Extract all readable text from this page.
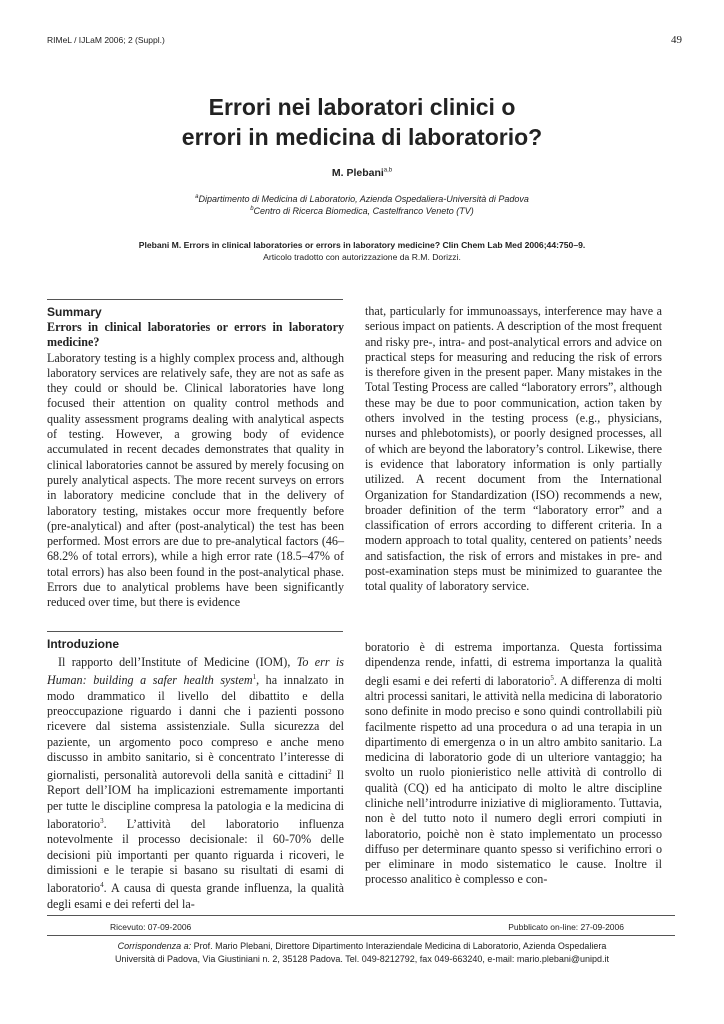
RIMeL / IJLaM 2006; 2 (Suppl.)	49
Errori nei laboratori clinici o
errori in medicina di laboratorio?
M. Plebani$^{a,b}$
$^a$Dipartimento di Medicina di Laboratorio, Azienda Ospedaliera-Università di Padova
$^b$Centro di Ricerca Biomedica, Castelfranco Veneto (TV)
Plebani M. Errors in clinical laboratories or errors in laboratory medicine? Clin Chem Lab Med 2006;44:750–9.
Articolo tradotto con autorizzazione da R.M. Dorizzi.
Summary

Errors in clinical laboratories or errors in laboratory medicine?

Laboratory testing is a highly complex process and, although laboratory services are relatively safe, they are not as safe as they could or should be. Clinical laboratories have long focused their attention on quality control methods and quality assessment programs dealing with analytical aspects of testing. However, a growing body of evidence accumulated in recent decades demonstrates that quality in clinical laboratories cannot be assured by merely focusing on purely analytical aspects. The more recent surveys on errors in laboratory medicine conclude that in the delivery of laboratory testing, mistakes occur more frequently before (pre-analytical) and after (post-analytical) the test has been performed. Most errors are due to pre-analytical factors (46–68.2% of total errors), while a high error rate (18.5–47% of total errors) has also been found in the post-analytical phase. Errors due to analytical problems have been significantly reduced over time, but there is evidence

that, particularly for immunoassays, interference may have a serious impact on patients. A description of the most frequent and risky pre-, intra- and post-analytical errors and advice on practical steps for measuring and reducing the risk of errors is therefore given in the present paper. Many mistakes in the Total Testing Process are called “laboratory errors”, although these may be due to poor communication, action taken by others involved in the testing process (e.g., physicians, nurses and phlebotomists), or poorly designed processes, all of which are beyond the laboratory’s control. Likewise, there is evidence that laboratory information is only partially utilized. A recent document from the International Organization for Standardization (ISO) recommends a new, broader definition of the term “laboratory error” and a classification of errors according to different criteria. In a modern approach to total quality, centered on patients’ needs and satisfaction, the risk of errors and mistakes in pre- and post-examination steps must be minimized to guarantee the total quality of laboratory service.

Introduzione

Il rapporto dell’Institute of Medicine (IOM), To err is Human: building a safer health system$^1$, ha innalzato in modo drammatico il livello del dibattito e della preoccupazione riguardo i danni che i pazienti possono ricevere dal sistema assistenziale. Sulla sicurezza del paziente, un argomento poco compreso e anche meno discusso in ambito sanitario, si è concentrato l’interesse di giornalisti, personalità autorevoli della sanità e cittadini$^2$ Il Report dell’IOM ha implicazioni estremamente importanti per tutte le discipline compresa la patologia e la medicina di laboratorio$^3$. L’attività del laboratorio influenza notevolmente il processo decisionale: il 60-70% delle decisioni più importanti per quanto riguarda i ricoveri, le dimissioni e le terapie si basano su risultati di esami di laboratorio$^4$. A causa di questa grande influenza, la qualità degli esami e dei referti del la-

boratorio è di estrema importanza. Questa fortissima dipendenza rende, infatti, di estrema importanza la qualità degli esami e dei referti di laboratorio$^5$. A differenza di molti altri processi sanitari, le attività nella medicina di laboratorio sono definite in modo preciso e sono quindi controllabili più facilmente rispetto ad una procedura o ad una terapia in un dipartimento di emergenza o in un altro ambito sanitario. La medicina di laboratorio gode di un ulteriore vantaggio; ha svolto un ruolo pionieristico nelle attività di controllo di qualità (CQ) ed ha anticipato di molto le altre discipline cliniche nell’introdurre iniziative di miglioramento. Tuttavia, non è del tutto noto il numero degli errori compiuti in laboratorio, poichè non è stato implementato un processo diffuso per determinare quanto spesso si verifichino errori o per eliminare in modo sistematico le cause. Inoltre il processo analitico è complesso e con-

Ricevuto: 07-09-2006	Pubblicato on-line: 27-09-2006
Corrispondenza a: Prof. Mario Plebani, Direttore Dipartimento Interaziendale Medicina di Laboratorio, Azienda Ospedaliera
Università di Padova, Via Giustiniani n. 2, 35128 Padova. Tel. 049-8212792, fax 049-663240, e-mail: mario.plebani@unipd.it
